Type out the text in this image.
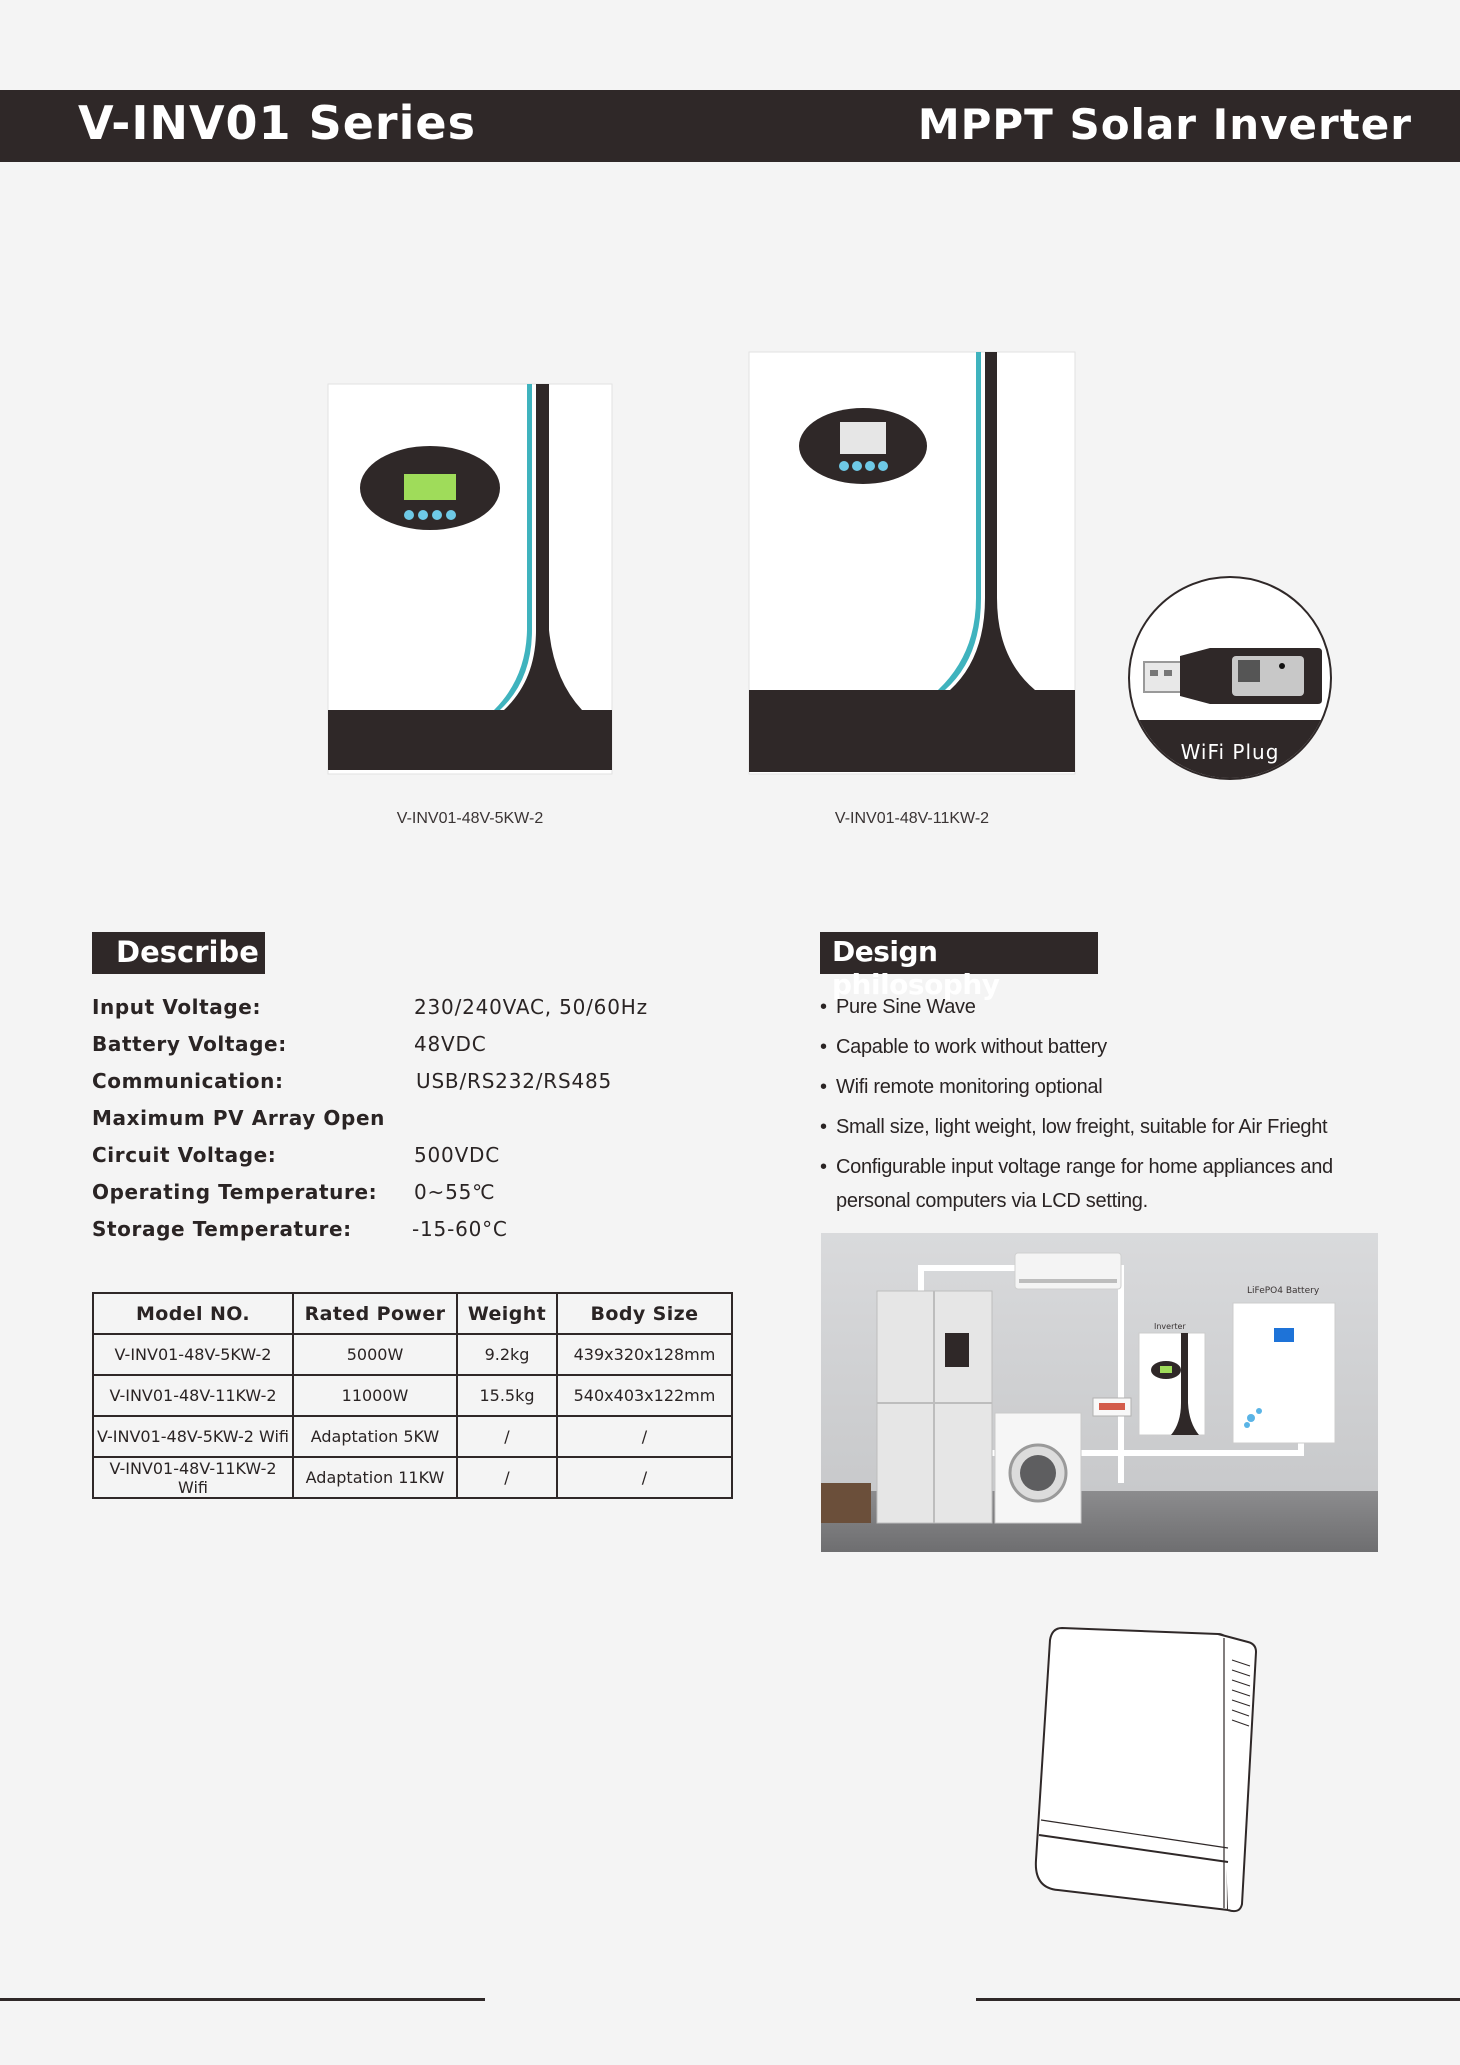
V-INV01 Series	MPPT Solar Inverter
V-INV01-48V-5KW-2	V-INV01-48V-11KW-2
WiFi Plug
Describe
Input Voltage:	230/240VAC, 50/60Hz
Battery Voltage:	48VDC
Communication:	USB/RS232/RS485
Maximum PV Array Open
Circuit Voltage:	500VDC
Operating Temperature: 0~55℃
Storage Temperature:	-15-60°C
Model NO.	Rated Power	Weight	Body Size
V-INV01-48V-5KW-2	5000W	9.2kg	439x320x128mm
V-INV01-48V-11KW-2	11000W	15.5kg	540x403x122mm
V-INV01-48V-5KW-2 Wifi	Adaptation 5KW	/	/
V-INV01-48V-11KW-2 Wifi	Adaptation 11KW	/	/
Design philosophy
• Pure Sine Wave
• Capable to work without battery
• Wifi remote monitoring optional
• Small size, light weight, low freight, suitable for Air Frieght
• Configurable input voltage range for home appliances and personal computers via LCD setting.
Inverter
LiFePO4 Battery
